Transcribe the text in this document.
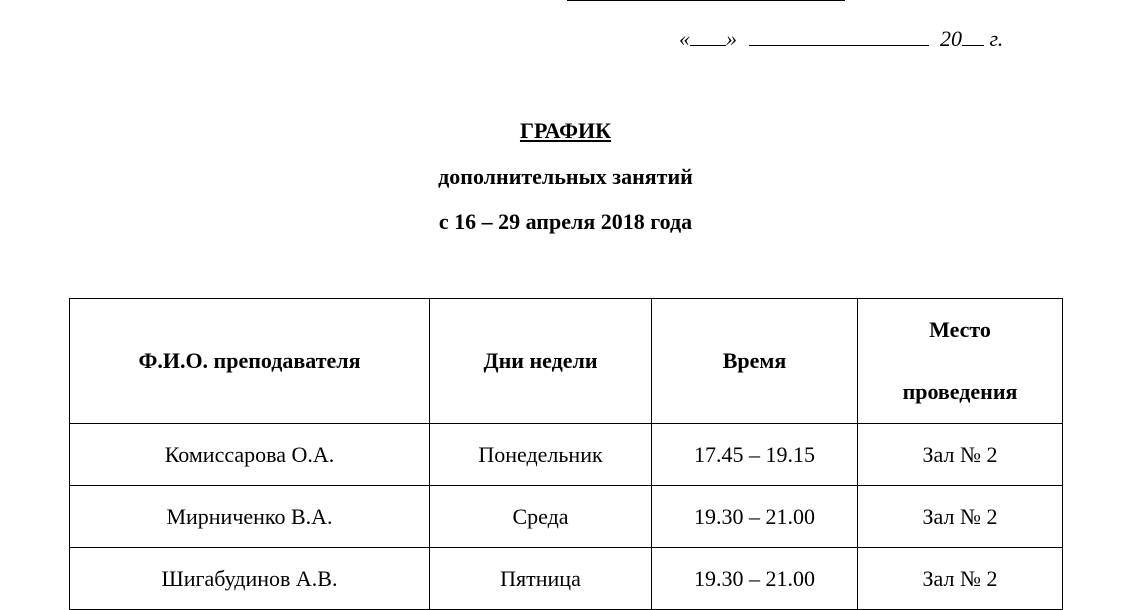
« »	20 г.
ГРАФИК
дополнительных занятий
с 16 – 29 апреля 2018 года
Ф.И.О. преподавателя	Дни недели	Время	Место
проведения
Комиссарова О.А.	Понедельник	17.45 – 19.15	Зал № 2
Мирниченко В.А.	Среда	19.30 – 21.00	Зал № 2
Шигабудинов А.В.	Пятница	19.30 – 21.00	Зал № 2
